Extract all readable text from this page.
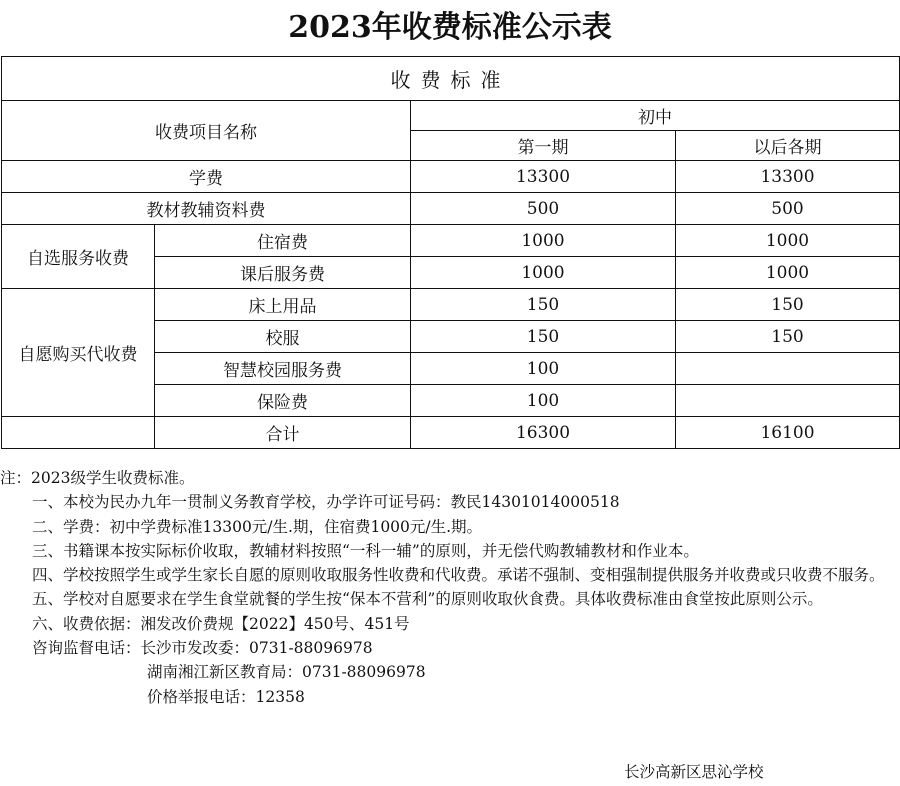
2023年收费标准公示表
收费标准			
收费项目名称		初中	
		第一期	以后各期
学费		13300	13300
教材教辅资料费		500	500
自选服务收费	住宿费	1000	1000
	课后服务费	1000	1000
自愿购买代收费	床上用品	150	150
	校服	150	150
	智慧校园服务费	100	
	保险费	100	
	合计	16300	16100
注：2023级学生收费标准。
一、本校为民办九年一贯制义务教育学校，办学许可证号码：教民14301014000518
二、学费：初中学费标准13300元/生.期，住宿费1000元/生.期。
三、书籍课本按实际标价收取，教辅材料按照“一科一辅”的原则，并无偿代购教辅教材和作业本。
四、学校按照学生或学生家长自愿的原则收取服务性收费和代收费。承诺不强制、变相强制提供服务并收费或只收费不服务。
五、学校对自愿要求在学生食堂就餐的学生按“保本不营利”的原则收取伙食费。具体收费标准由食堂按此原则公示。
六、收费依据：湘发改价费规【2022】450号、451号
咨询监督电话：长沙市发改委：0731-88096978
湖南湘江新区教育局：0731-88096978
价格举报电话：12358
长沙高新区思沁学校
